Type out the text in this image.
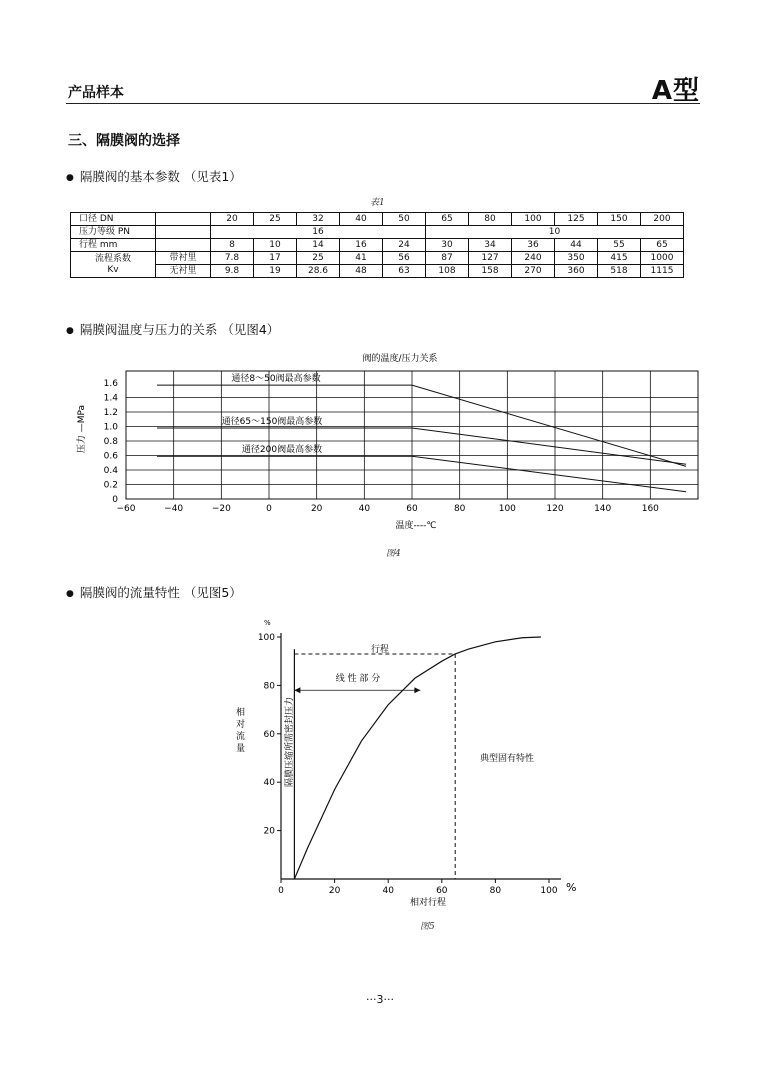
产品样本	A型
三、隔膜阀的选择
● 隔膜阀的基本参数 （见表1）
表1
口径 DN		20	25	32	40	50	65	80	100	125	150	200
压力等级 PN		16					10					
行程 mm		8	10	14	16	24	30	34	36	44	55	65
流程系数
Kv	带衬里	7.8	17	25	41	56	87	127	240	350	415	1000
	无衬里	9.8	19	28.6	48	63	108	158	270	360	518	1115
● 隔膜阀温度与压力的关系 （见图4）
阀的温度/压力关系
通径8～50阀最高参数
通径65～150阀最高参数
通径200阀最高参数
−60	−40	−20	0	20	40	60	80	100	120	140	160
1.6
1.4
1.2
1.0
0.8
0.6
0.4
0.2
0
压力 —MPa
温度----℃
图4
● 隔膜阀的流量特性 （见图5）
0	20	40	60	80	100
100
80
60
40
20
%
%
相对流量
相对行程
行程
线 性 部 分
典型固有特性
隔膜压缩所需密封压力
图5
···3···
